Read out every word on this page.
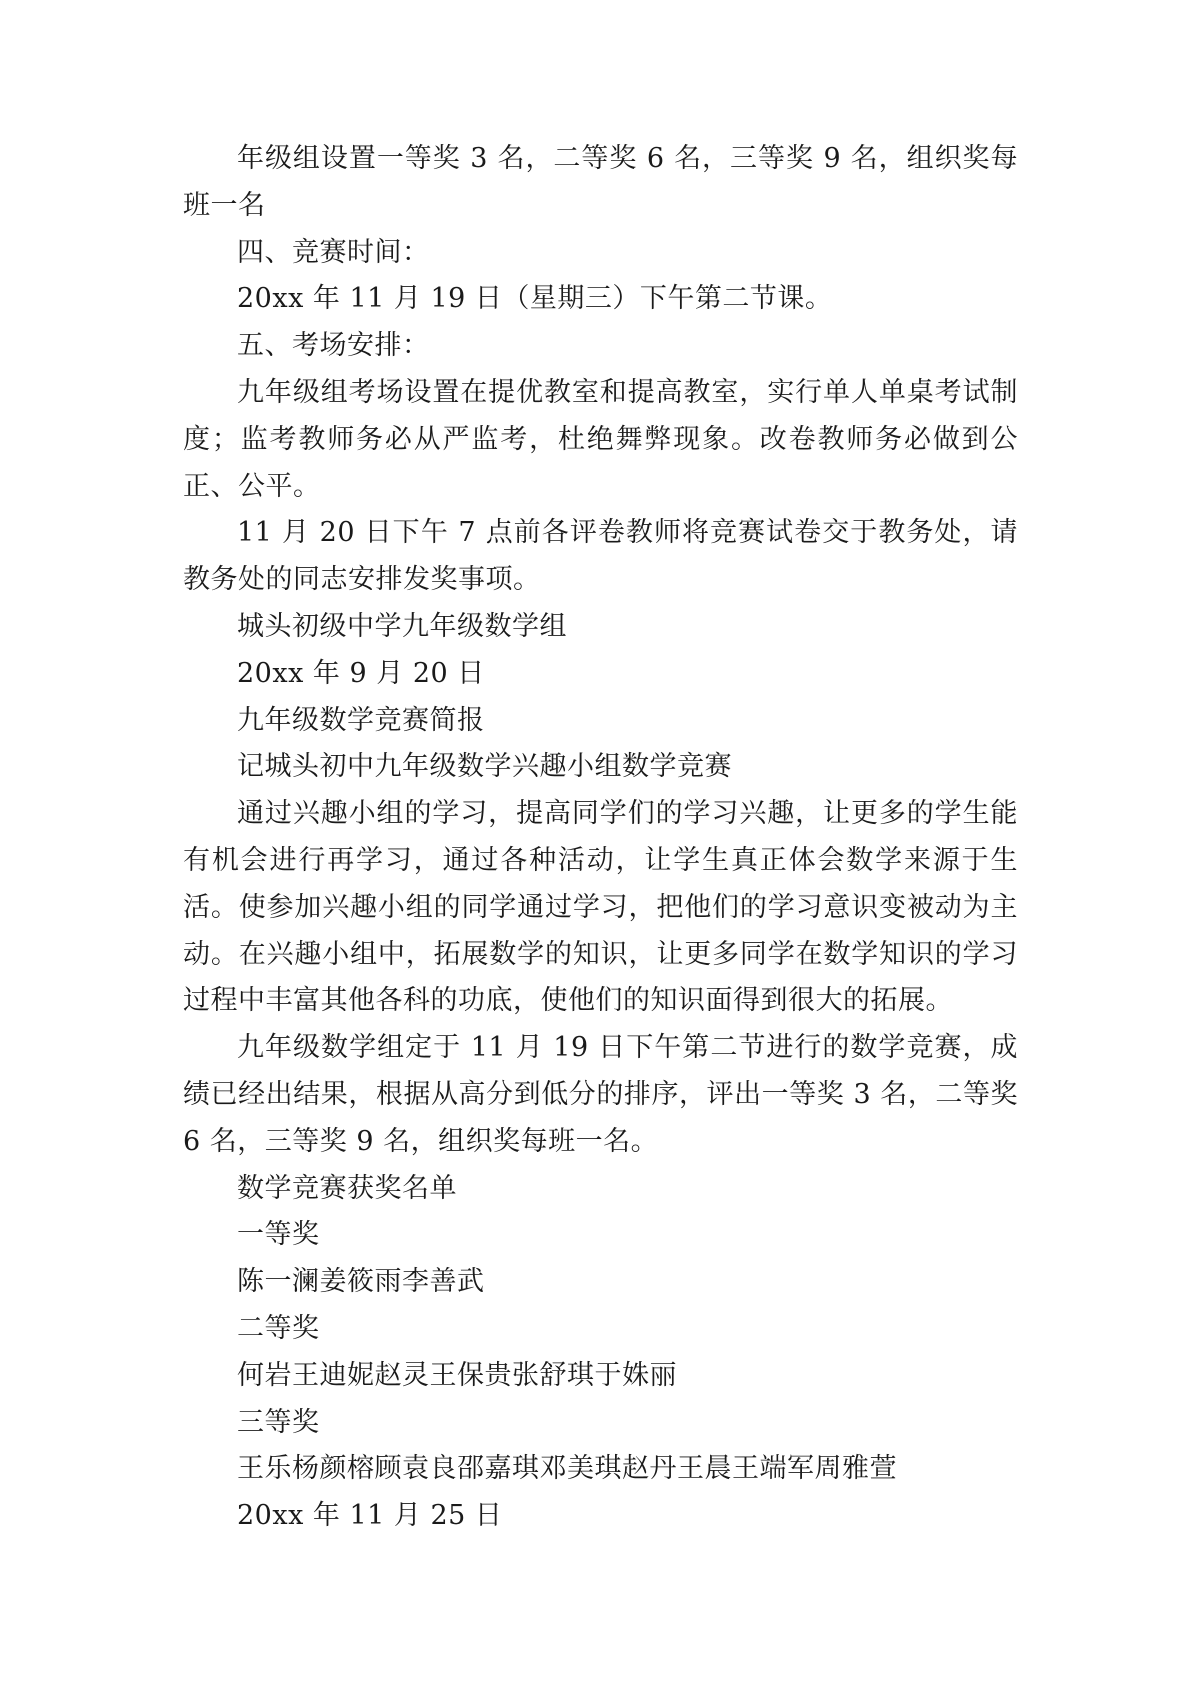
年级组设置一等奖 3 名，二等奖 6 名，三等奖 9 名，组织奖每班一名

四、竞赛时间：

20xx 年 11 月 19 日（星期三）下午第二节课。

五、考场安排：

九年级组考场设置在提优教室和提高教室，实行单人单桌考试制度；监考教师务必从严监考，杜绝舞弊现象。改卷教师务必做到公正、公平。

11 月 20 日下午 7 点前各评卷教师将竞赛试卷交于教务处，请教务处的同志安排发奖事项。

城头初级中学九年级数学组

20xx 年 9 月 20 日

九年级数学竞赛简报

记城头初中九年级数学兴趣小组数学竞赛

通过兴趣小组的学习，提高同学们的学习兴趣，让更多的学生能有机会进行再学习，通过各种活动，让学生真正体会数学来源于生活。使参加兴趣小组的同学通过学习，把他们的学习意识变被动为主动。在兴趣小组中，拓展数学的知识，让更多同学在数学知识的学习过程中丰富其他各科的功底，使他们的知识面得到很大的拓展。

九年级数学组定于 11 月 19 日下午第二节进行的数学竞赛，成绩已经出结果，根据从高分到低分的排序，评出一等奖 3 名，二等奖 6 名，三等奖 9 名，组织奖每班一名。

数学竞赛获奖名单

一等奖

陈一澜姜筱雨李善武

二等奖

何岩王迪妮赵灵王保贵张舒琪于姝丽

三等奖

王乐杨颜榕顾袁良邵嘉琪邓美琪赵丹王晨王端军周雅萱

20xx 年 11 月 25 日
